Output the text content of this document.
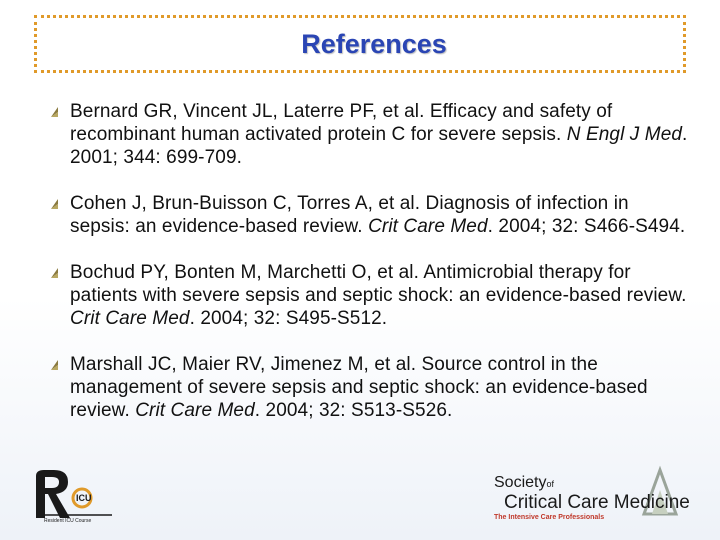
References
Bernard GR, Vincent JL, Laterre PF, et al. Efficacy and safety of recombinant human activated protein C for severe sepsis. N Engl J Med. 2001; 344: 699-709.
Cohen J, Brun-Buisson C, Torres A, et al. Diagnosis of infection in sepsis: an evidence-based review. Crit Care Med. 2004; 32: S466-S494.
Bochud PY, Bonten M, Marchetti O, et al. Antimicrobial therapy for patients with severe sepsis and septic shock: an evidence-based review. Crit Care Med. 2004; 32: S495-S512.
Marshall JC, Maier RV, Jimenez M, et al. Source control in the management of severe sepsis and septic shock: an evidence-based review. Crit Care Med. 2004; 32: S513-S526.
ICU
Resident ICU Course
Societyof
Critical Care Medicine
The Intensive Care Professionals
